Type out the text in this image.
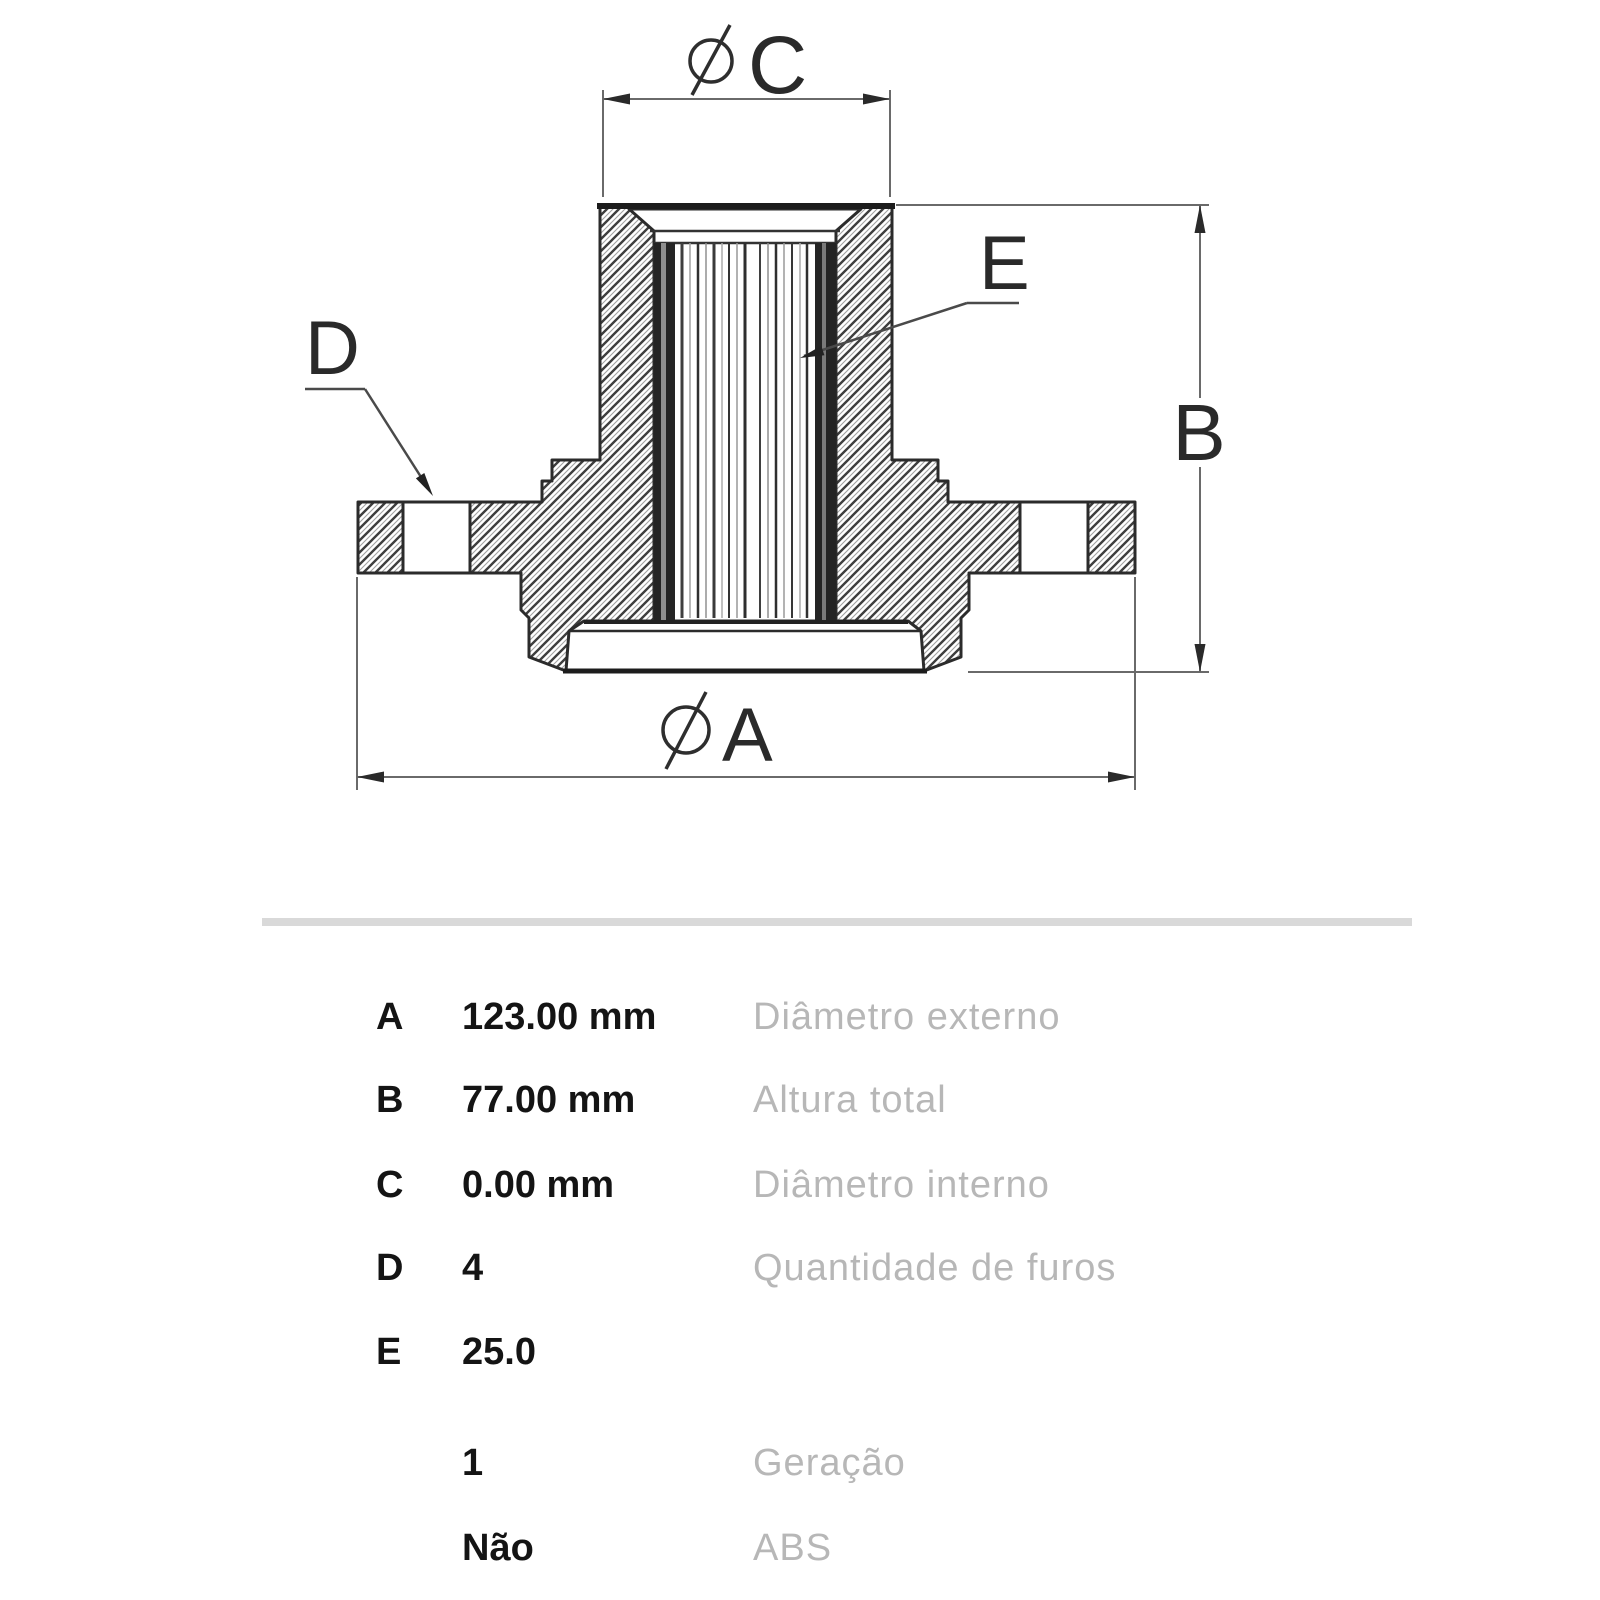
C
B
A
D
E
A 123.00 mm	Diâmetro externo
B 77.00 mm	Altura total
C 0.00 mm	Diâmetro interno
D 4	Quantidade de furos
E 25.0
1	Geração
Não	ABS
